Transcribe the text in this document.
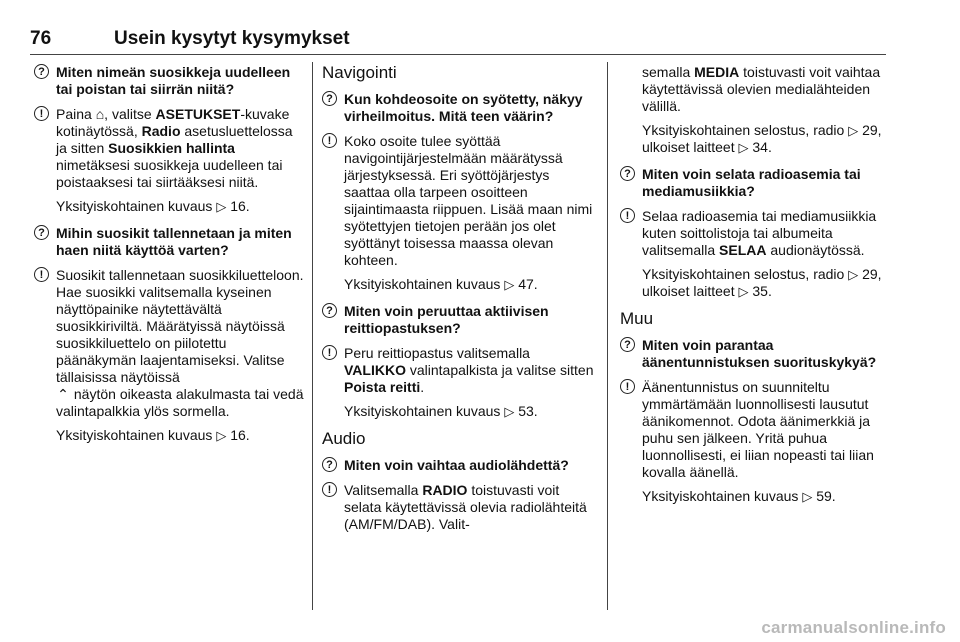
76	Usein kysytyt kysymykset
? Miten nimeän suosikkeja uudelleen tai poistan tai siirrän niitä?
! Paina ⌂, valitse ASETUKSET-kuvake kotinäytössä, Radio asetusluettelossa ja sitten Suosikkien hallinta nimetäksesi suosikkeja uudelleen tai poistaaksesi tai siirtääksesi niitä.
Yksityiskohtainen kuvaus ▷ 16.
? Mihin suosikit tallennetaan ja miten haen niitä käyttöä varten?
! Suosikit tallennetaan suosikkiluetteloon. Hae suosikki valitsemalla kyseinen näyttöpainike näytettävältä suosikkiriviltä. Määrätyissä näytöissä suosikkiluettelo on piilotettu päänäkymän laajentamiseksi. Valitse tällaisissa näytöissä
⌃ näytön oikeasta alakulmasta tai vedä valintapalkkia ylös sormella.
Yksityiskohtainen kuvaus ▷ 16.
Navigointi
? Kun kohdeosoite on syötetty, näkyy virheilmoitus. Mitä teen väärin?
! Koko osoite tulee syöttää navigointijärjestelmään määrätyssä järjestyksessä. Eri syöttöjärjestys saattaa olla tarpeen osoitteen sijaintimaasta riippuen. Lisää maan nimi syötettyjen tietojen perään jos olet syöttänyt toisessa maassa olevan kohteen.
Yksityiskohtainen kuvaus ▷ 47.
? Miten voin peruuttaa aktiivisen reittiopastuksen?
! Peru reittiopastus valitsemalla VALIKKO valintapalkista ja valitse sitten Poista reitti.
Yksityiskohtainen kuvaus ▷ 53.
Audio
? Miten voin vaihtaa audiolähdettä?
! Valitsemalla RADIO toistuvasti voit selata käytettävissä olevia radiolähteitä (AM/FM/DAB). Valit-
semalla MEDIA toistuvasti voit vaihtaa käytettävissä olevien medialähteiden välillä.
Yksityiskohtainen selostus, radio ▷ 29, ulkoiset laitteet ▷ 34.
? Miten voin selata radioasemia tai mediamusiikkia?
! Selaa radioasemia tai mediamusiikkia kuten soittolistoja tai albumeita valitsemalla SELAA audionäytössä.
Yksityiskohtainen selostus, radio ▷ 29, ulkoiset laitteet ▷ 35.
Muu
? Miten voin parantaa äänentunnistuksen suorituskykyä?
! Äänentunnistus on suunniteltu ymmärtämään luonnollisesti lausutut äänikomennot. Odota äänimerkkiä ja puhu sen jälkeen. Yritä puhua luonnollisesti, ei liian nopeasti tai liian kovalla äänellä.
Yksityiskohtainen kuvaus ▷ 59.
carmanualsonline.info
